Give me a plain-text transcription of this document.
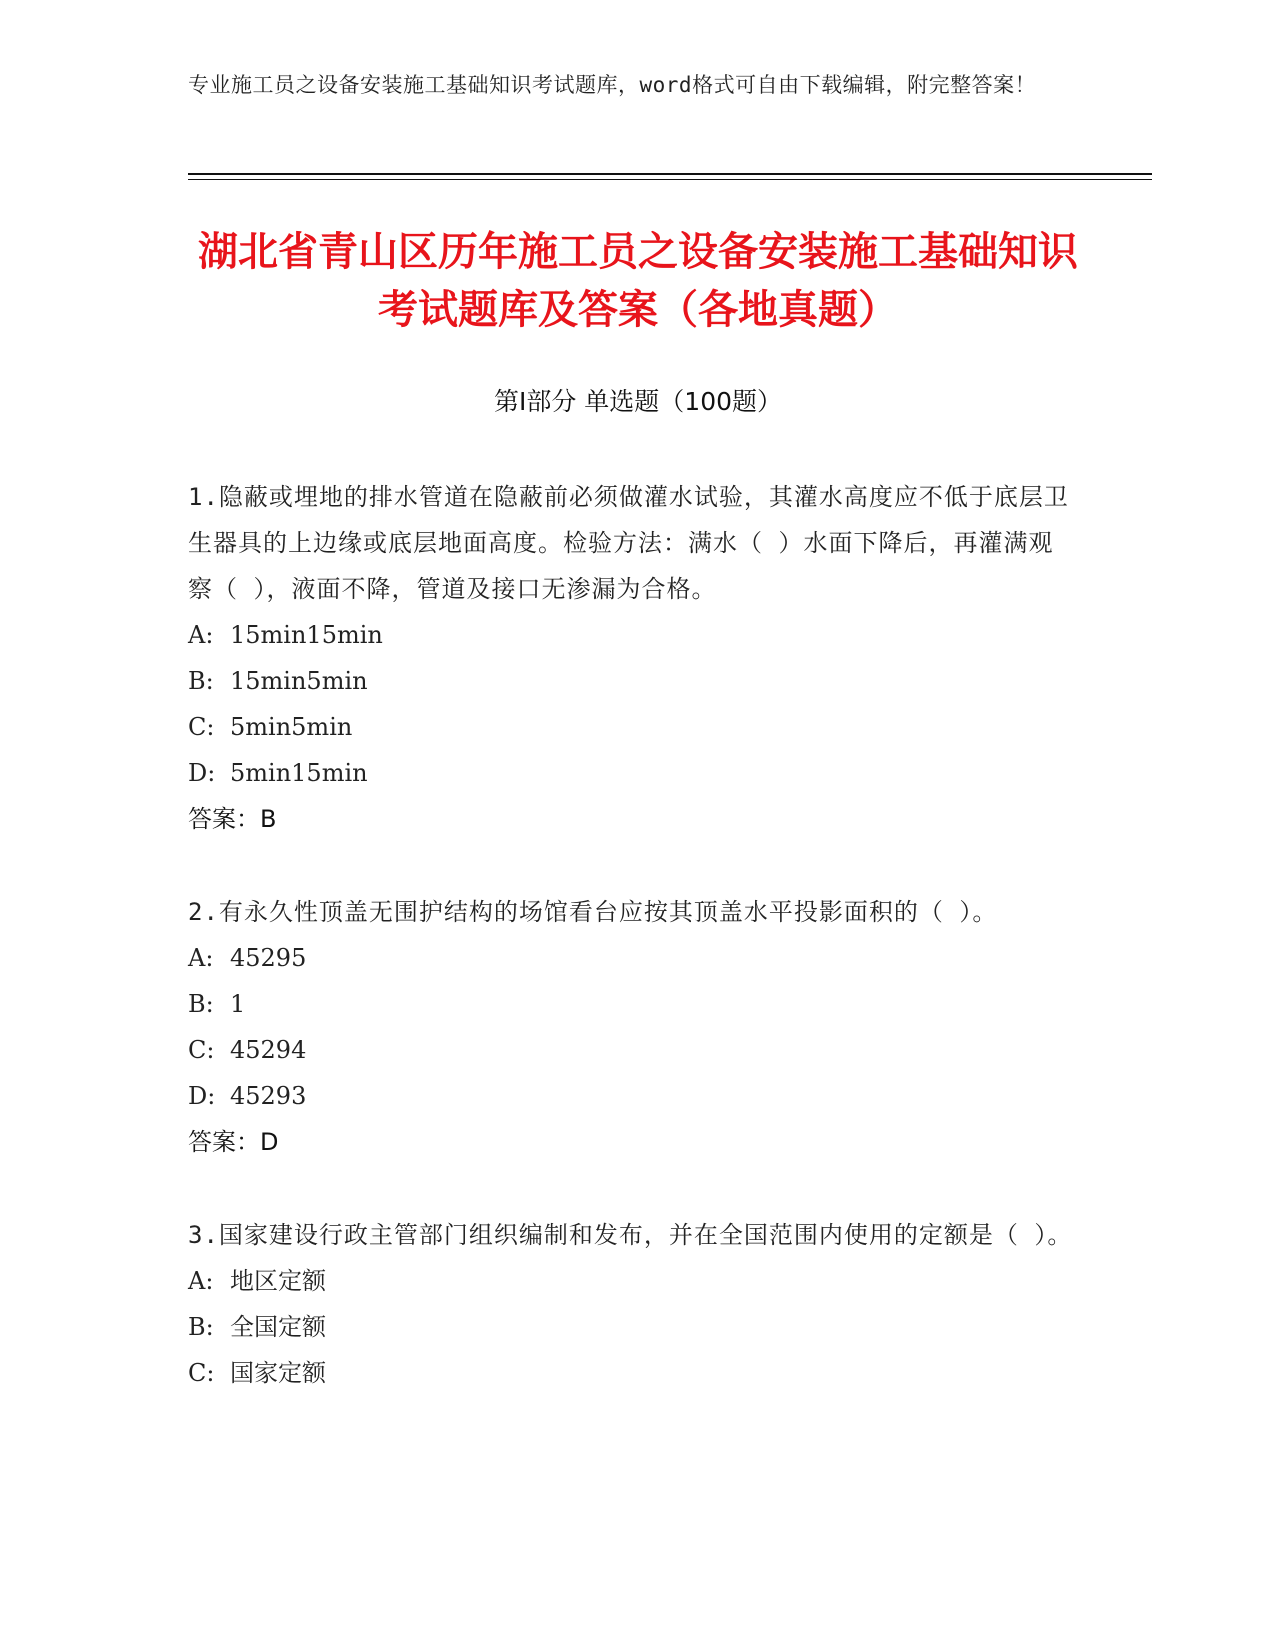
专业施工员之设备安装施工基础知识考试题库，word格式可自由下载编辑，附完整答案！
湖北省青山区历年施工员之设备安装施工基础知识考试题库及答案（各地真题）
第I部分 单选题（100题）

1.隐蔽或埋地的排水管道在隐蔽前必须做灌水试验，其灌水高度应不低于底层卫生器具的上边缘或底层地面高度。检验方法：满水（ ）水面下降后，再灌满观察（ ），液面不降，管道及接口无渗漏为合格。

A: 15min15min

B: 15min5min

C: 5min5min

D: 5min15min

答案：B

2.有永久性顶盖无围护结构的场馆看台应按其顶盖水平投影面积的（ ）。

A: 45295

B: 1

C: 45294

D: 45293

答案：D

3.国家建设行政主管部门组织编制和发布，并在全国范围内使用的定额是（ ）。

A: 地区定额

B: 全国定额

C: 国家定额
